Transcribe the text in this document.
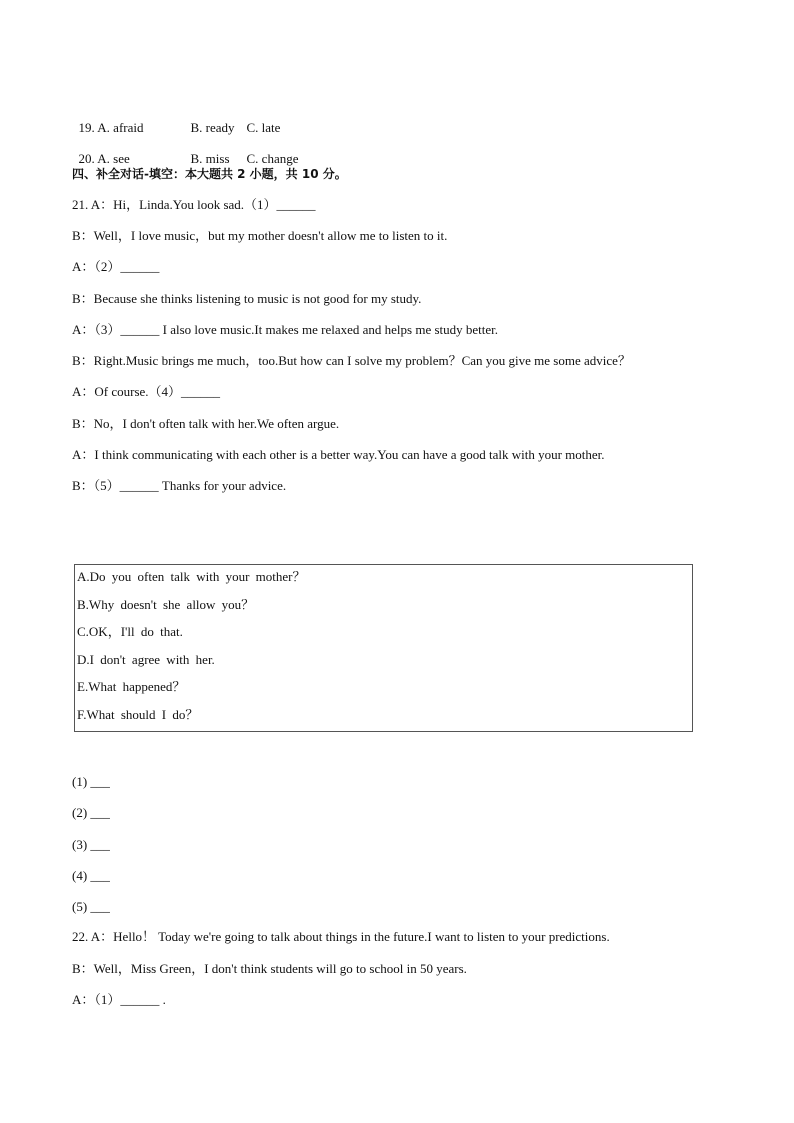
19. A. afraid	B. ready C. late

20. A. see	B. miss C. change

四、补全对话-填空：本大题共 2 小题，共 10 分。
21. A：Hi，Linda.You look sad.（1）______
B：Well，I love music，but my mother doesn't allow me to listen to it.
A：（2）______
B：Because she thinks listening to music is not good for my study.
A：（3）______ I also love music.It makes me relaxed and helps me study better.
B：Right.Music brings me much，too.But how can I solve my problem？Can you give me some advice？
A：Of course.（4）______
B：No，I don't often talk with her.We often argue.
A：I think communicating with each other is a better way.You can have a good talk with your mother.
B：（5）______ Thanks for your advice.
A.Do you often talk with your mother？
B.Why doesn't she allow you？
C.OK，I'll do that.
D.I don't agree with her.
E.What happened？
F.What should I do？
(1) ___
(2) ___
(3) ___
(4) ___
(5) ___
22. A：Hello！ Today we're going to talk about things in the future.I want to listen to your predictions.
B：Well，Miss Green，I don't think students will go to school in 50 years.
A：（1）______ .
